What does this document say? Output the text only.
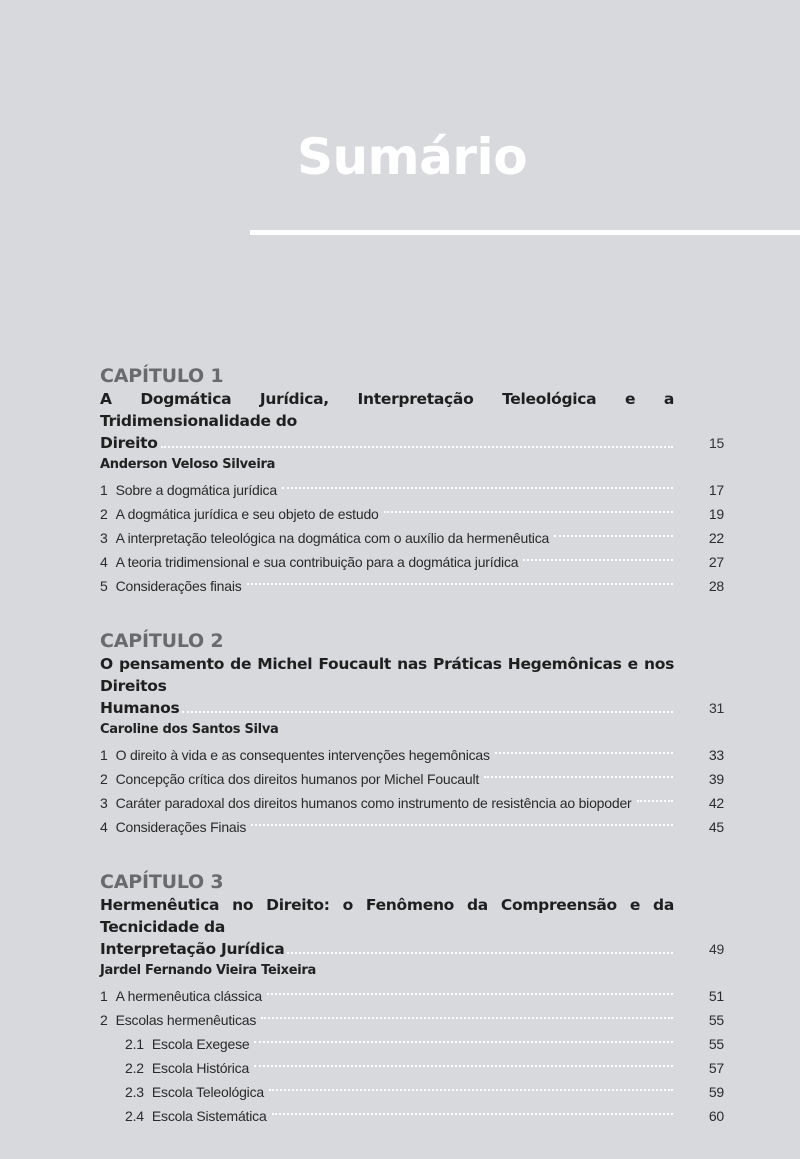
Sumário
CAPÍTULO 1
A Dogmática Jurídica, Interpretação Teleológica e a Tridimensionalidade do
Direito	15
Anderson Veloso Silveira
1 Sobre a dogmática jurídica	17
2 A dogmática jurídica e seu objeto de estudo	19
3 A interpretação teleológica na dogmática com o auxílio da hermenêutica	22
4 A teoria tridimensional e sua contribuição para a dogmática jurídica	27
5 Considerações finais	28
CAPÍTULO 2
O pensamento de Michel Foucault nas Práticas Hegemônicas e nos Direitos
Humanos	31
Caroline dos Santos Silva
1 O direito à vida e as consequentes intervenções hegemônicas	33
2 Concepção crítica dos direitos humanos por Michel Foucault	39
3 Caráter paradoxal dos direitos humanos como instrumento de resistência ao biopoder	42
4 Considerações Finais	45
CAPÍTULO 3
Hermenêutica no Direito: o Fenômeno da Compreensão e da Tecnicidade da
Interpretação Jurídica	49
Jardel Fernando Vieira Teixeira
1 A hermenêutica clássica	51
2 Escolas hermenêuticas	55
2.1 Escola Exegese	55
2.2 Escola Histórica	57
2.3 Escola Teleológica	59
2.4 Escola Sistemática	60
